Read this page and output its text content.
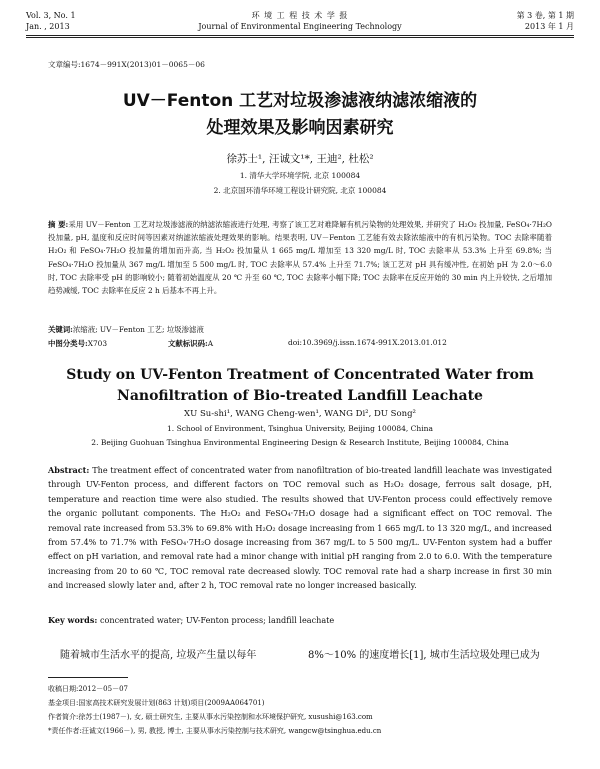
Vol. 3, No. 1
Jan. , 2013
环 境 工 程 技 术 学 报
Journal of Environmental Engineering Technology
第 3 卷, 第 1 期
2013 年 1 月
文章编号:1674－991X(2013)01－0065－06
UV－Fenton 工艺对垃圾渗滤液纳滤浓缩液的
处理效果及影响因素研究
徐苏士¹, 汪诚文¹*, 王迪², 杜松²
1. 清华大学环境学院, 北京 100084
2. 北京国环清华环境工程设计研究院, 北京 100084
摘 要:采用 UV－Fenton 工艺对垃圾渗滤液的纳滤浓缩液进行处理, 考察了该工艺对难降解有机污染物的处理效果, 并研究了 H₂O₂ 投加量, FeSO₄·7H₂O 投加量, pH, 温度和反应时间等因素对纳滤浓缩液处理效果的影响。结果表明, UV－Fenton 工艺能有效去除浓缩液中的有机污染物。TOC 去除率随着 H₂O₂ 和 FeSO₄·7H₂O 投加量的增加而升高, 当 H₂O₂ 投加量从 1 665 mg/L 增加至 13 320 mg/L 时, TOC 去除率从 53.3% 上升至 69.8%; 当 FeSO₄·7H₂O 投加量从 367 mg/L 增加至 5 500 mg/L 时, TOC 去除率从 57.4% 上升至 71.7%; 该工艺对 pH 具有缓冲性, 在初始 pH 为 2.0～6.0 时, TOC 去除率受 pH 的影响较小; 随着初始温度从 20 ℃ 升至 60 ℃, TOC 去除率小幅下降; TOC 去除率在反应开始的 30 min 内上升较快, 之后增加趋势减缓, TOC 去除率在反应 2 h 后基本不再上升。
关键词:浓缩液; UV－Fenton 工艺; 垃圾渗滤液
中图分类号:X703	文献标识码:A	doi:10.3969/j.issn.1674-991X.2013.01.012
Study on UV-Fenton Treatment of Concentrated Water from
Nanofiltration of Bio-treated Landfill Leachate
XU Su-shi¹, WANG Cheng-wen¹, WANG Di², DU Song²
1. School of Environment, Tsinghua University, Beijing 100084, China
2. Beijing Guohuan Tsinghua Environmental Engineering Design & Research Institute, Beijing 100084, China
Abstract: The treatment effect of concentrated water from nanofiltration of bio-treated landfill leachate was investigated through UV-Fenton process, and different factors on TOC removal such as H₂O₂ dosage, ferrous salt dosage, pH, temperature and reaction time were also studied. The results showed that UV-Fenton process could effectively remove the organic pollutant components. The H₂O₂ and FeSO₄·7H₂O dosage had a significant effect on TOC removal. The removal rate increased from 53.3% to 69.8% with H₂O₂ dosage increasing from 1 665 mg/L to 13 320 mg/L, and increased from 57.4% to 71.7% with FeSO₄·7H₂O dosage increasing from 367 mg/L to 5 500 mg/L. UV-Fenton system had a buffer effect on pH variation, and removal rate had a minor change with initial pH ranging from 2.0 to 6.0. With the temperature increasing from 20 to 60 ℃, TOC removal rate decreased slowly. TOC removal rate had a sharp increase in first 30 min and increased slowly later and, after 2 h, TOC removal rate no longer increased basically.
Key words: concentrated water; UV-Fenton process; landfill leachate
随着城市生活水平的提高, 垃圾产生量以每年	8%～10% 的速度增长[1], 城市生活垃圾处理已成为
收稿日期:2012－05－07
基金项目:国家高技术研究发展计划(863 计划)项目(2009AA064701)
作者简介:徐苏士(1987－), 女, 硕士研究生, 主要从事水污染控制和水环境保护研究, xusushi@163.com
*责任作者:汪诚文(1966－), 男, 教授, 博士, 主要从事水污染控制与技术研究, wangcw@tsinghua.edu.cn
